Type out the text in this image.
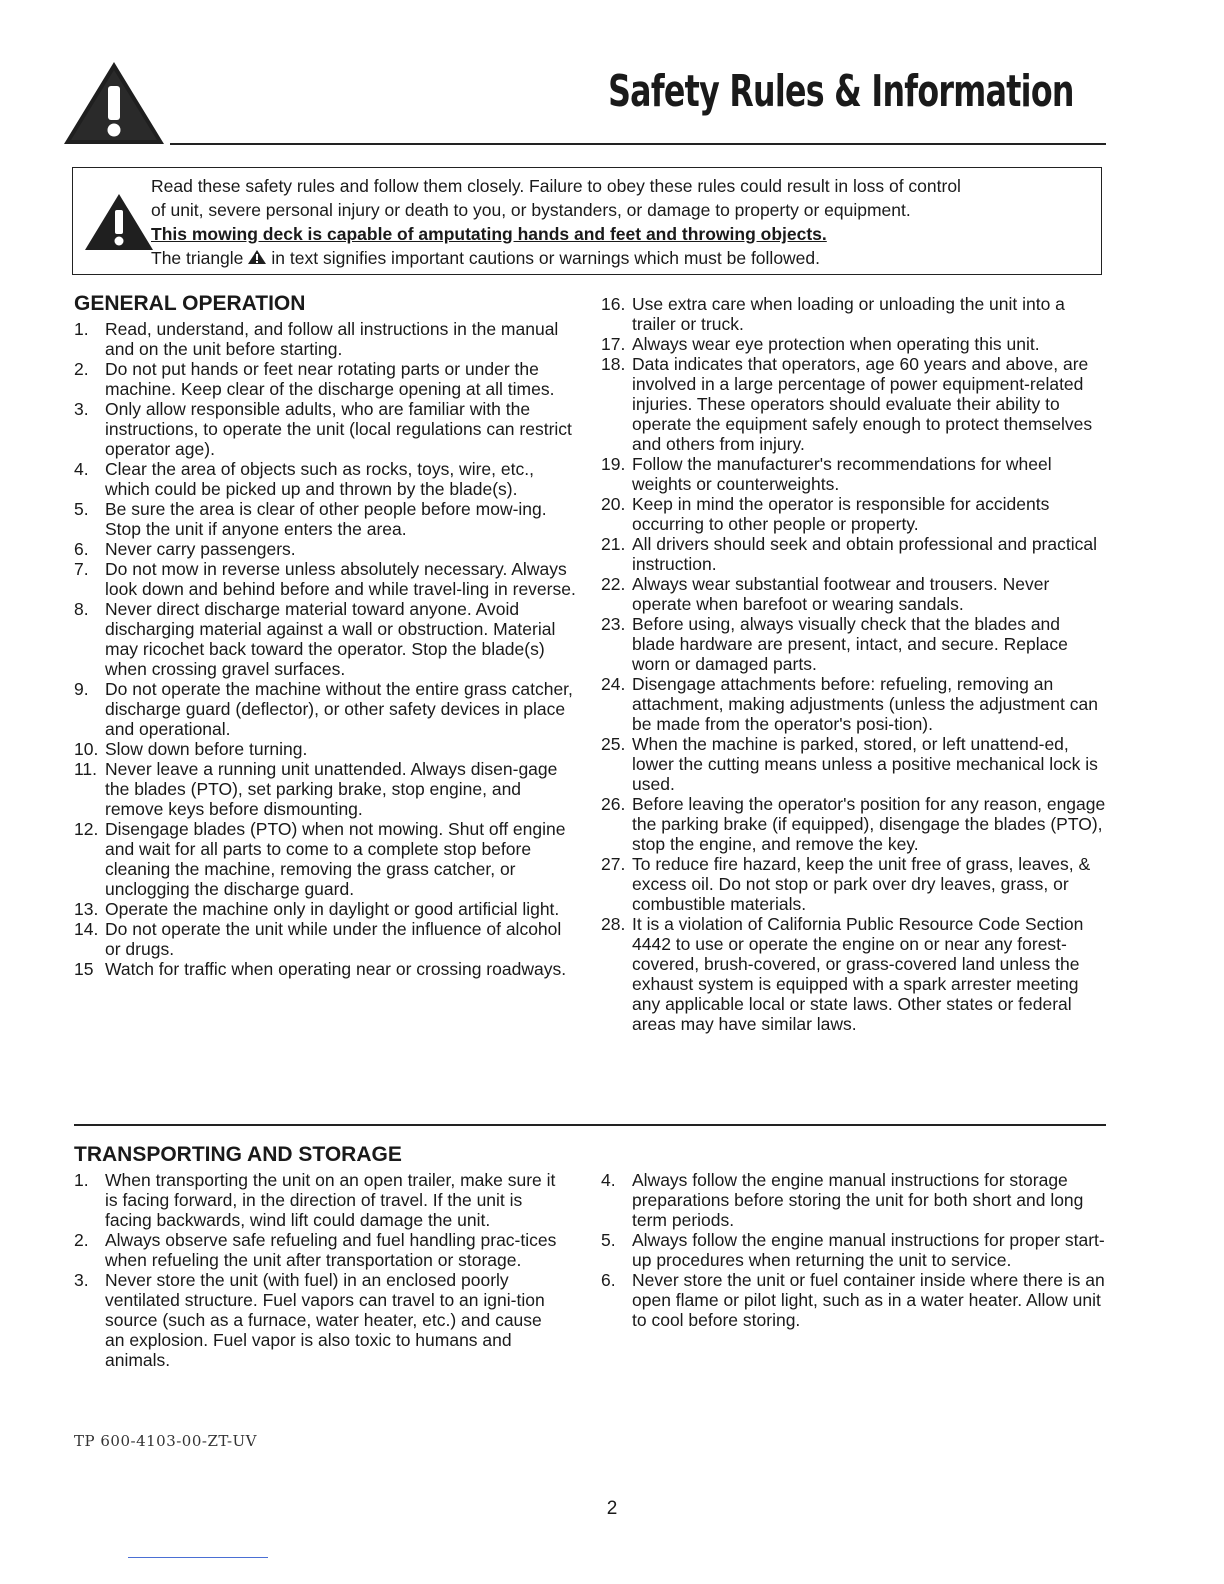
Safety Rules & Information
Read these safety rules and follow them closely. Failure to obey these rules could result in loss of control
of unit, severe personal injury or death to you, or bystanders, or damage to property or equipment.
This mowing deck is capable of amputating hands and feet and throwing objects.
The triangle in text signifies important cautions or warnings which must be followed.
GENERAL OPERATION
1. Read, understand, and follow all instructions in the manual and on the unit before starting.
2. Do not put hands or feet near rotating parts or under the machine. Keep clear of the discharge opening at all times.
3. Only allow responsible adults, who are familiar with the instructions, to operate the unit (local regulations can restrict operator age).
4. Clear the area of objects such as rocks, toys, wire, etc., which could be picked up and thrown by the blade(s).
5. Be sure the area is clear of other people before mow-ing. Stop the unit if anyone enters the area.
6. Never carry passengers.
7. Do not mow in reverse unless absolutely necessary. Always look down and behind before and while travel-ling in reverse.
8. Never direct discharge material toward anyone. Avoid discharging material against a wall or obstruction. Material may ricochet back toward the operator. Stop the blade(s) when crossing gravel surfaces.
9. Do not operate the machine without the entire grass catcher, discharge guard (deflector), or other safety devices in place and operational.
10. Slow down before turning.
11. Never leave a running unit unattended. Always disen-gage the blades (PTO), set parking brake, stop engine, and remove keys before dismounting.
12. Disengage blades (PTO) when not mowing. Shut off engine and wait for all parts to come to a complete stop before cleaning the machine, removing the grass catcher, or unclogging the discharge guard.
13. Operate the machine only in daylight or good artificial light.
14. Do not operate the unit while under the influence of alcohol or drugs.
15 Watch for traffic when operating near or crossing roadways.
16. Use extra care when loading or unloading the unit into a trailer or truck.
17. Always wear eye protection when operating this unit.
18. Data indicates that operators, age 60 years and above, are involved in a large percentage of power equipment-related injuries. These operators should evaluate their ability to operate the equipment safely enough to protect themselves and others from injury.
19. Follow the manufacturer's recommendations for wheel weights or counterweights.
20. Keep in mind the operator is responsible for accidents occurring to other people or property.
21. All drivers should seek and obtain professional and practical instruction.
22. Always wear substantial footwear and trousers. Never operate when barefoot or wearing sandals.
23. Before using, always visually check that the blades and blade hardware are present, intact, and secure. Replace worn or damaged parts.
24. Disengage attachments before: refueling, removing an attachment, making adjustments (unless the adjustment can be made from the operator's posi-tion).
25. When the machine is parked, stored, or left unattend-ed, lower the cutting means unless a positive mechanical lock is used.
26. Before leaving the operator's position for any reason, engage the parking brake (if equipped), disengage the blades (PTO), stop the engine, and remove the key.
27. To reduce fire hazard, keep the unit free of grass, leaves, & excess oil. Do not stop or park over dry leaves, grass, or combustible materials.
28. It is a violation of California Public Resource Code Section 4442 to use or operate the engine on or near any forest-covered, brush-covered, or grass-covered land unless the exhaust system is equipped with a spark arrester meeting any applicable local or state laws. Other states or federal areas may have similar laws.
TRANSPORTING AND STORAGE
1. When transporting the unit on an open trailer, make sure it is facing forward, in the direction of travel. If the unit is facing backwards, wind lift could damage the unit.
2. Always observe safe refueling and fuel handling prac-tices when refueling the unit after transportation or storage.
3. Never store the unit (with fuel) in an enclosed poorly ventilated structure. Fuel vapors can travel to an igni-tion source (such as a furnace, water heater, etc.) and cause an explosion. Fuel vapor is also toxic to humans and animals.
4. Always follow the engine manual instructions for storage preparations before storing the unit for both short and long term periods.
5. Always follow the engine manual instructions for proper start-up procedures when returning the unit to service.
6. Never store the unit or fuel container inside where there is an open flame or pilot light, such as in a water heater. Allow unit to cool before storing.
TP 600-4103-00-ZT-UV
2
